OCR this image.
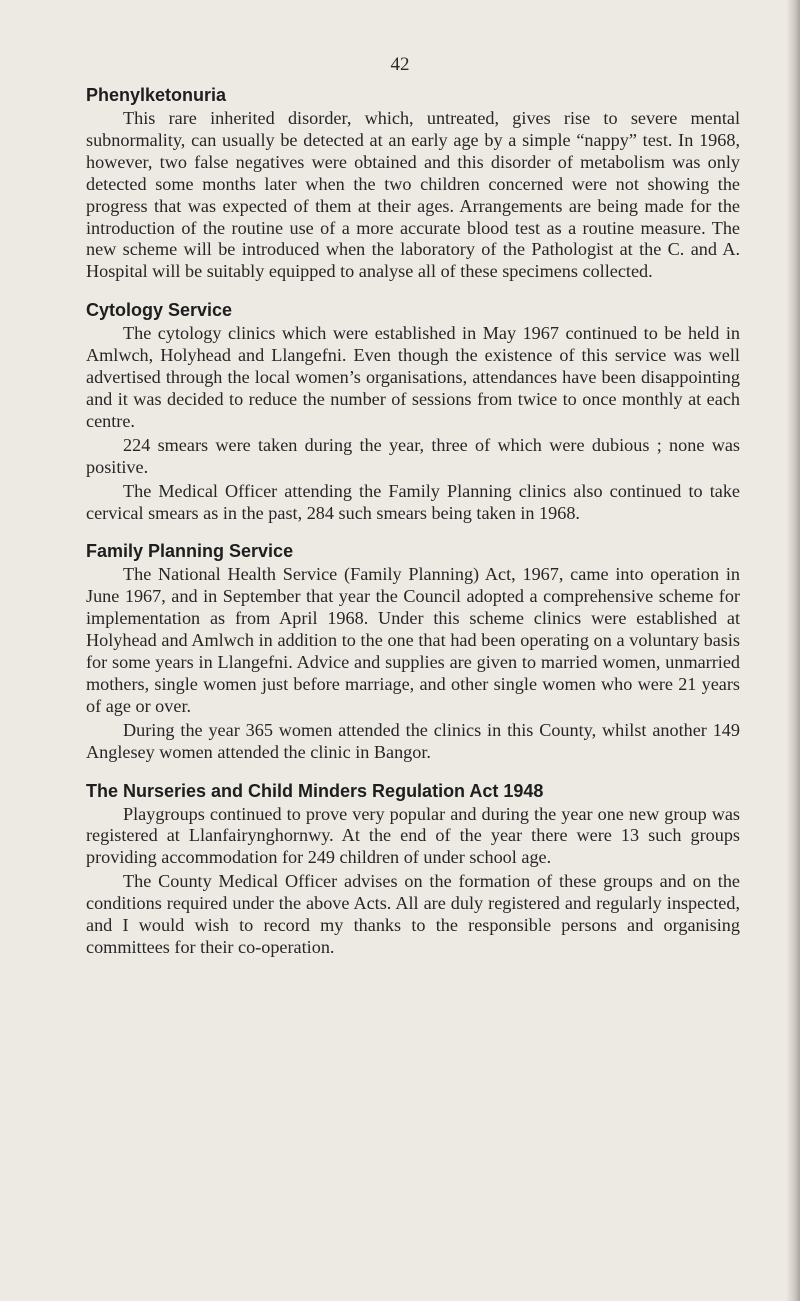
42
Phenylketonuria

This rare inherited disorder, which, untreated, gives rise to severe mental subnormality, can usually be detected at an early age by a simple “nappy” test. In 1968, however, two false negatives were obtained and this disorder of metabolism was only detected some months later when the two children concerned were not showing the progress that was expected of them at their ages. Arrangements are being made for the introduction of the routine use of a more accurate blood test as a routine measure. The new scheme will be introduced when the laboratory of the Pathologist at the C. and A. Hospital will be suitably equipped to analyse all of these specimens collected.

Cytology Service

The cytology clinics which were established in May 1967 continued to be held in Amlwch, Holyhead and Llangefni. Even though the existence of this service was well advertised through the local women’s organisations, attendances have been disappointing and it was decided to reduce the number of sessions from twice to once monthly at each centre.

224 smears were taken during the year, three of which were dubious ; none was positive.

The Medical Officer attending the Family Planning clinics also continued to take cervical smears as in the past, 284 such smears being taken in 1968.

Family Planning Service

The National Health Service (Family Planning) Act, 1967, came into operation in June 1967, and in September that year the Council adopted a comprehensive scheme for implementation as from April 1968. Under this scheme clinics were established at Holyhead and Amlwch in addition to the one that had been operating on a voluntary basis for some years in Llangefni. Advice and supplies are given to married women, unmarried mothers, single women just before marriage, and other single women who were 21 years of age or over.

During the year 365 women attended the clinics in this County, whilst another 149 Anglesey women attended the clinic in Bangor.

The Nurseries and Child Minders Regulation Act 1948

Playgroups continued to prove very popular and during the year one new group was registered at Llanfairynghornwy. At the end of the year there were 13 such groups providing accommodation for 249 children of under school age.

The County Medical Officer advises on the formation of these groups and on the conditions required under the above Acts. All are duly registered and regularly inspected, and I would wish to record my thanks to the responsible persons and organising committees for their co-operation.
